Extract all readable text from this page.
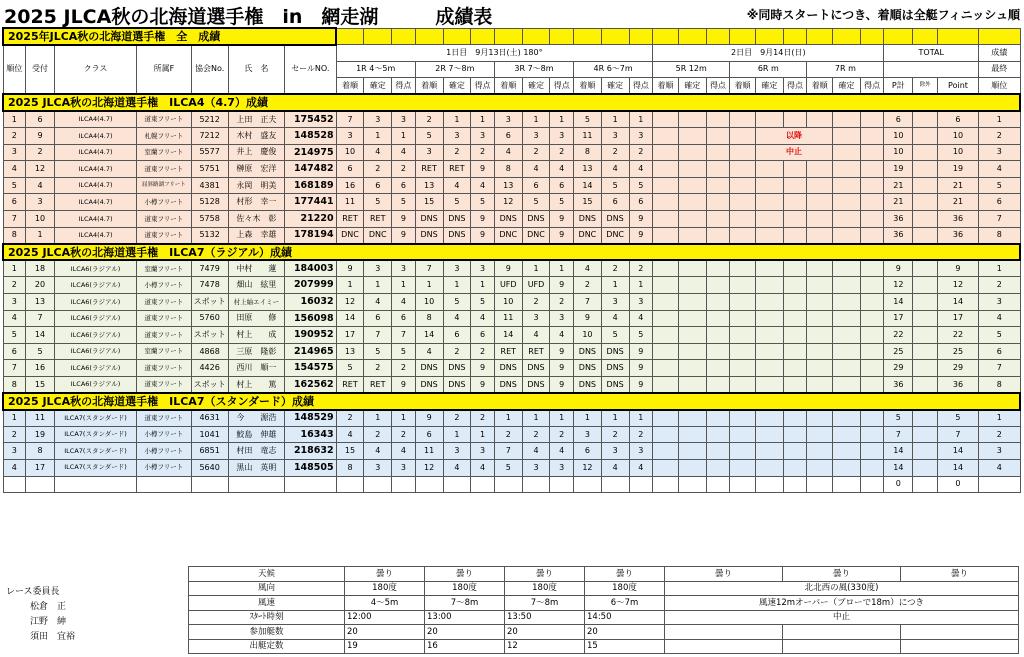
2025 JLCA秋の北海道選手権　in　網走湖　　　成績表	※同時スタートにつき、着順は全艇フィニッシュ順
2025年JLCA秋の北海道選手権　全　成績																															
順位	受付	クラス	所属F	協会No.	氏　名	セールNO.	1日目　9月13日(土) 180°												2日目　9月14日(日)									TOTAL			成績
							1R 4～5m			2R 7～8m			3R 7～8m			4R 6～7m			5R 12m			6R m			7R m						最終
							着順	確定	得点	着順	確定	得点	着順	確定	得点	着順	確定	得点	着順	確定	得点	着順	確定	得点	着順	確定	得点	P計	除外	Point	順位
2025 JLCA秋の北海道選手権　ILCA4（4.7）成績																															
1	6	ILCA4(4.7)	道東フリート	5212	上田　正夫	175452	7	3	3	2	1	1	3	1	1	5	1	1										6		6	1
2	9	ILCA4(4.7)	札幌フリート	7212	木村　盛友	148528	3	1	1	5	3	3	6	3	3	11	3	3					以降					10		10	2
3	2	ILCA4(4.7)	室蘭フリート	5577	井上　慶俊	214975	10	4	4	3	2	2	4	2	2	8	2	2					中止					10		10	3
4	12	ILCA4(4.7)	道東フリート	5751	榊原　宏洋	147482	6	2	2	RET	RET	9	8	4	4	13	4	4										19		19	4
5	4	ILCA4(4.7)	屈斜路湖フリート	4381	永岡　明美	168189	16	6	6	13	4	4	13	6	6	14	5	5										21		21	5
6	3	ILCA4(4.7)	小樽フリート	5128	村形　幸一	177441	11	5	5	15	5	5	12	5	5	15	6	6										21		21	6
7	10	ILCA4(4.7)	道東フリート	5758	佐々木　彰	21220	RET	RET	9	DNS	DNS	9	DNS	DNS	9	DNS	DNS	9										36		36	7
8	1	ILCA4(4.7)	道東フリート	5132	上森　幸雄	178194	DNC	DNC	9	DNS	DNS	9	DNC	DNC	9	DNC	DNC	9										36		36	8
2025 JLCA秋の北海道選手権　ILCA7（ラジアル）成績																															
1	18	ILCA6(ラジアル)	室蘭フリート	7479	中村　　蓮	184003	9	3	3	7	3	3	9	1	1	4	2	2										9		9	1
2	20	ILCA6(ラジアル)	小樽フリート	7478	畑山　絃里	207999	1	1	1	1	1	1	UFD	UFD	9	2	1	1										12		12	2
3	13	ILCA6(ラジアル)	道東フリート	スポット	村上紬エイミー	16032	12	4	4	10	5	5	10	2	2	7	3	3										14		14	3
4	7	ILCA6(ラジアル)	道東フリート	5760	田原　　修	156098	14	6	6	8	4	4	11	3	3	9	4	4										17		17	4
5	14	ILCA6(ラジアル)	道東フリート	スポット	村上　　成	190952	17	7	7	14	6	6	14	4	4	10	5	5										22		22	5
6	5	ILCA6(ラジアル)	室蘭フリート	4868	三原　隆彰	214965	13	5	5	4	2	2	RET	RET	9	DNS	DNS	9										25		25	6
7	16	ILCA6(ラジアル)	道東フリート	4426	西川　順一	154575	5	2	2	DNS	DNS	9	DNS	DNS	9	DNS	DNS	9										29		29	7
8	15	ILCA6(ラジアル)	道東フリート	スポット	村上　　篤	162562	RET	RET	9	DNS	DNS	9	DNS	DNS	9	DNS	DNS	9										36		36	8
2025 JLCA秋の北海道選手権　ILCA7（スタンダード）成績																															
1	11	ILCA7(スタンダード)	道東フリート	4631	今　　源浩	148529	2	1	1	9	2	2	1	1	1	1	1	1										5		5	1
2	19	ILCA7(スタンダード)	小樽フリート	1041	鮫島　伸雄	16343	4	2	2	6	1	1	2	2	2	3	2	2										7		7	2
3	8	ILCA7(スタンダード)	小樽フリート	6851	村田　竜志	218632	15	4	4	11	3	3	7	4	4	6	3	3										14		14	3
4	17	ILCA7(スタンダード)	小樽フリート	5640	黒山　英明	148505	8	3	3	12	4	4	5	3	3	12	4	4										14		14	4
																												0		0	
レース委員長
松倉　正
江野　紳
須田　宜裕
天候	曇り	曇り	曇り	曇り	曇り	曇り	曇り
風向	180度	180度	180度	180度	北北西の風(330度)		
風速	4～5m	7～8m	7～8m	6～7m	風速12mオーバー（ブローで18m）につき		
ｽﾀｰﾄ時刻	12:00	13:00	13:50	14:50	中止		
参加艇数	20	20	20	20			
出艇定数	19	16	12	15			
